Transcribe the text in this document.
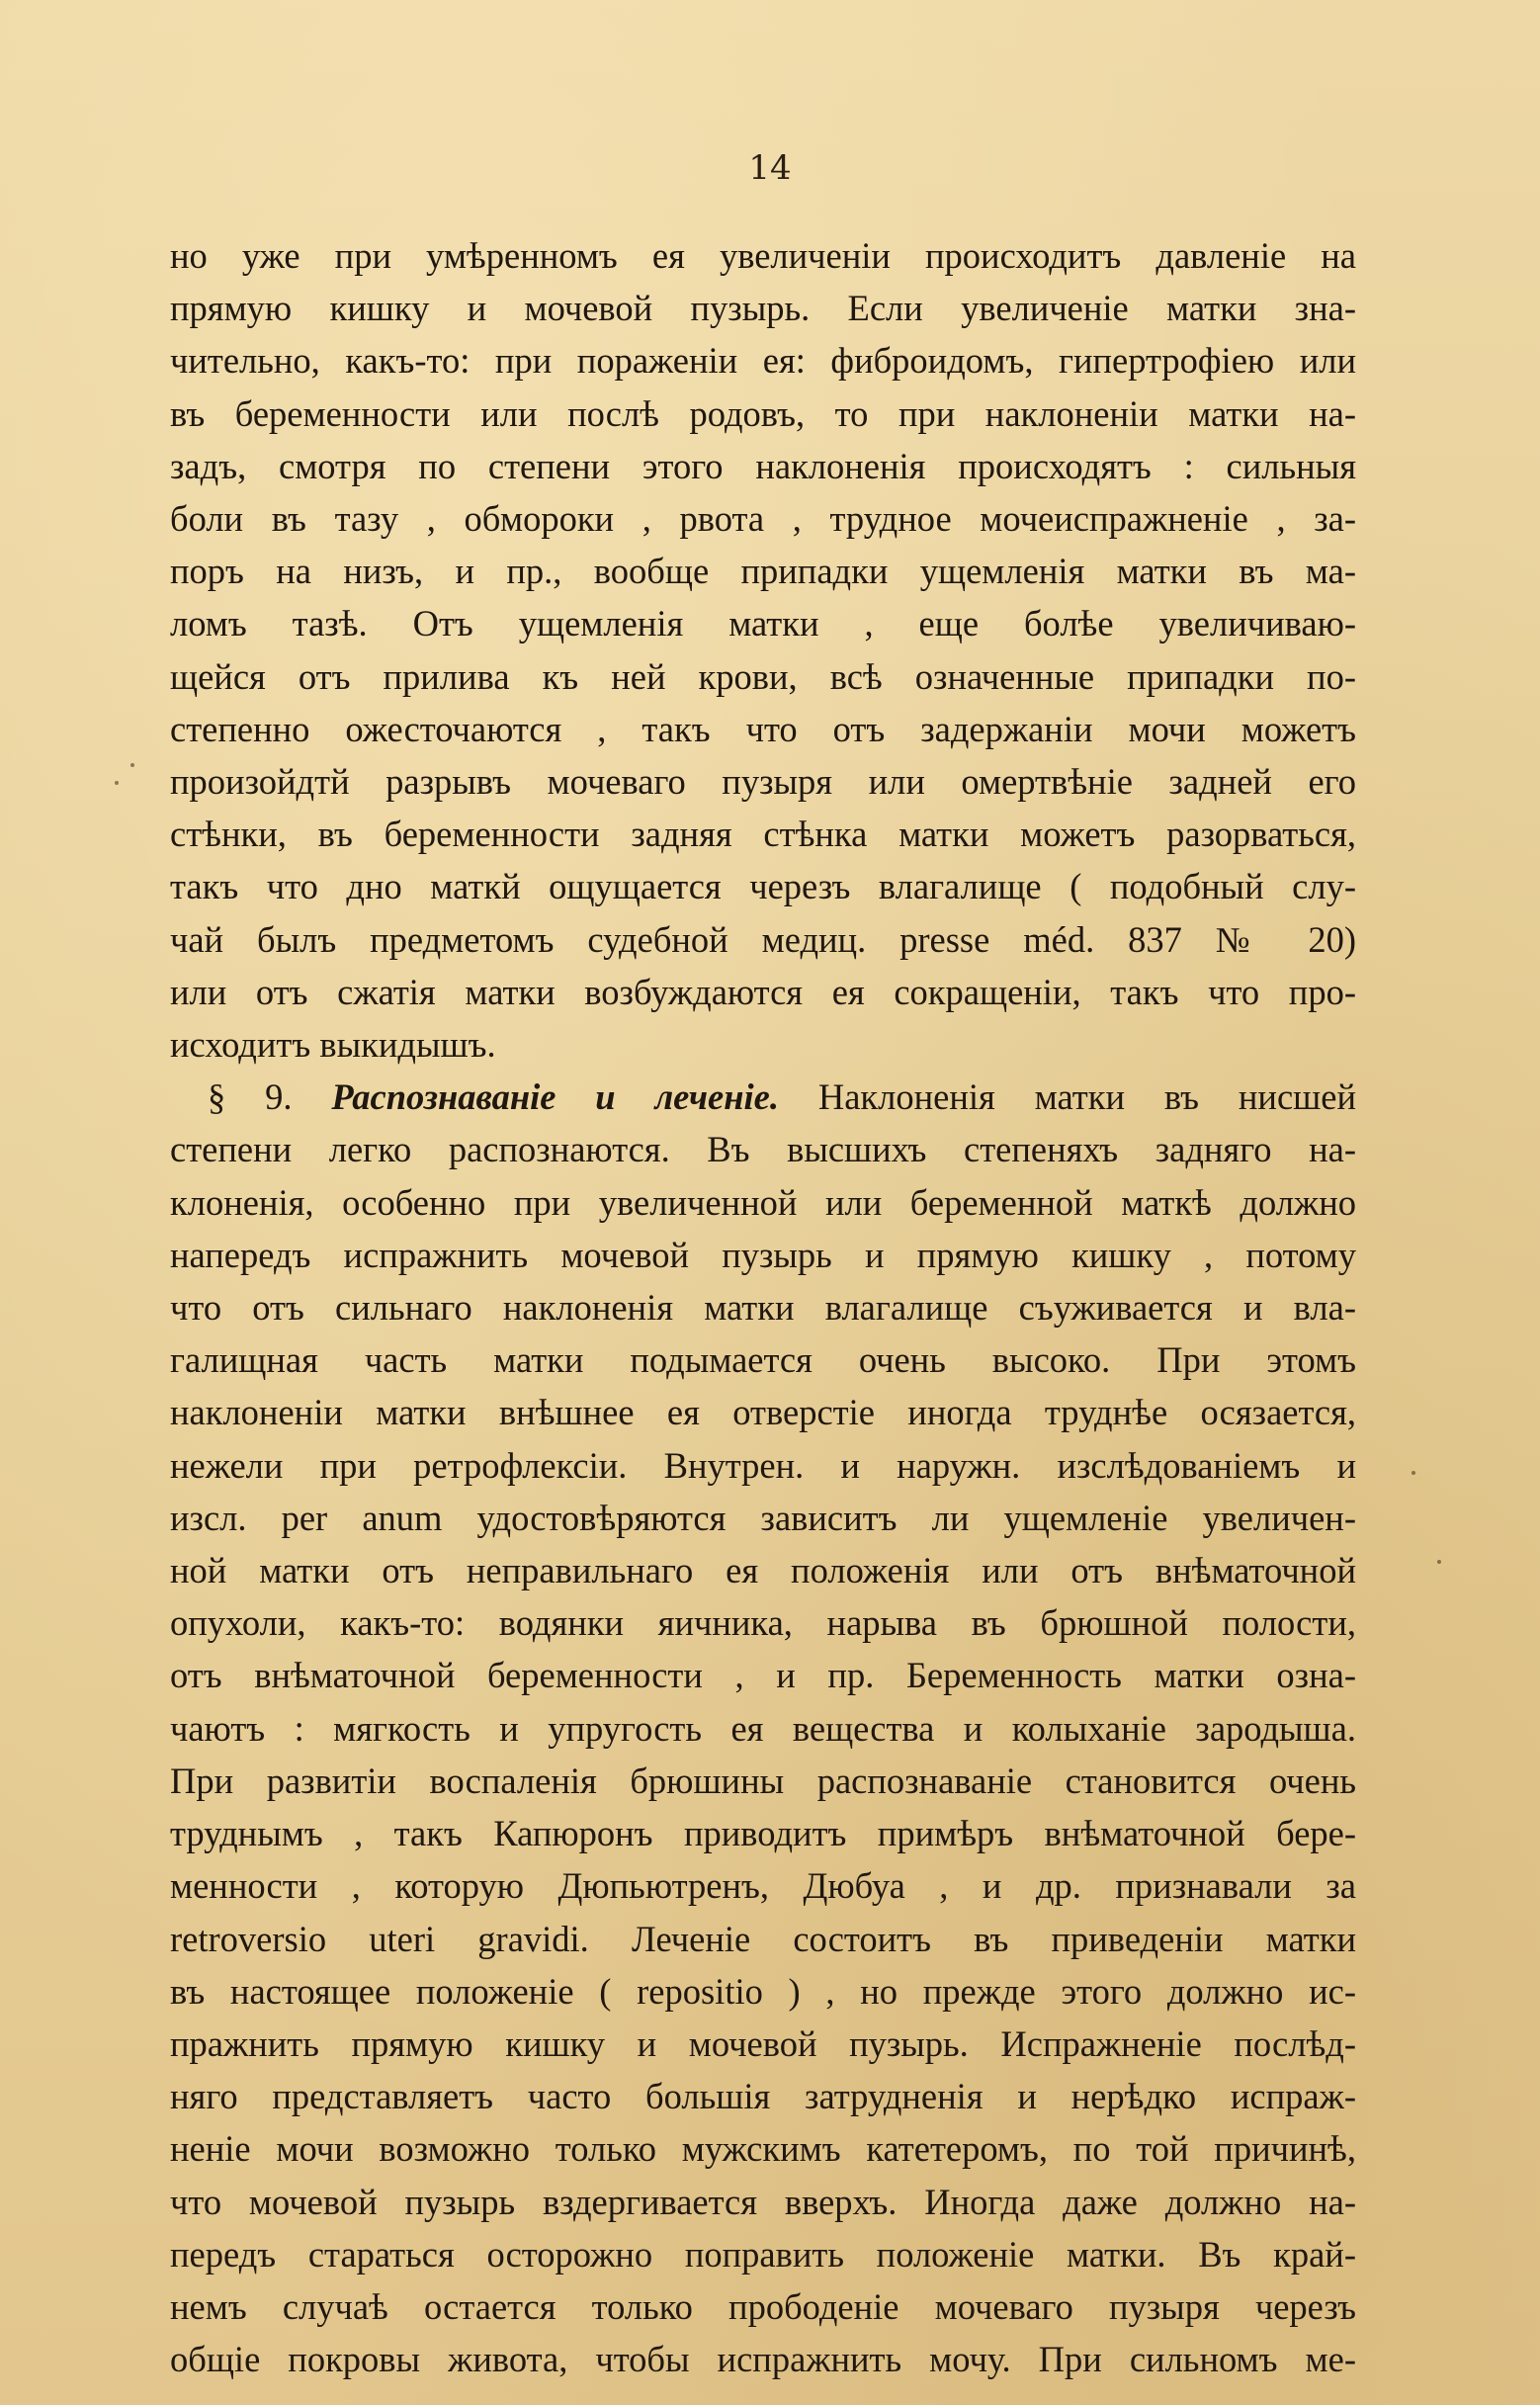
14
но уже при умѣренномъ ея увеличенiи происходитъ давленiе на
прямую кишку и мочевой пузырь. Если увеличенiе матки зна-
чительно, какъ-то: при пораженiи ея: фиброидомъ, гипертрофiею или
въ беременности или послѣ родовъ, то при наклоненiи матки на-
задъ, смотря по степени этого наклоненiя происходятъ : сильныя
боли въ тазу , обмороки , рвота , трудное мочеиспражненiе , за-
поръ на низъ, и пр., вообще припадки ущемленiя матки въ ма-
ломъ тазѣ. Отъ ущемленiя матки , еще болѣе увеличиваю-
щейся отъ прилива къ ней крови, всѣ означенные припадки по-
степенно ожесточаются , такъ что отъ задержанiи мочи можетъ
произойдтй разрывъ мочеваго пузыря или омертвѣнiе задней его
стѣнки, въ беременности задняя стѣнка матки можетъ разорваться,
такъ что дно маткй ощущается черезъ влагалище ( подобный слу-
чай былъ предметомъ судебной медиц. presse méd. 837 № 20)
или отъ сжатiя матки возбуждаются ея сокращенiи, такъ что про-
исходитъ выкидышъ.
§ 9. Распознаванiе и леченiе. Наклоненiя матки въ нисшей
степени легко распознаются. Въ высшихъ степеняхъ задняго на-
клоненiя, особенно при увеличенной или беременной маткѣ должно
напередъ испражнить мочевой пузырь и прямую кишку , потому
что отъ сильнаго наклоненiя матки влагалище съуживается и вла-
галищная часть матки подымается очень высоко. При этомъ
наклоненiи матки внѣшнее ея отверстiе иногда труднѣе осязается,
нежели при ретрофлексiи. Внутрен. и наружн. изслѣдованiемъ и
изсл. per anum удостовѣряются зависитъ ли ущемленiе увеличен-
ной матки отъ неправильнаго ея положенiя или отъ внѣматочной
опухоли, какъ-то: водянки яичника, нарыва въ брюшной полости,
отъ внѣматочной беременности , и пр. Беременность матки озна-
чаютъ : мягкость и упругость ея вещества и колыханiе зародыша.
При развитiи воспаленiя брюшины распознаванiе становится очень
труднымъ , такъ Капюронъ приводитъ примѣръ внѣматочной бере-
менности , которую Дюпьютренъ, Дюбуа , и др. признавали за
retroversio uteri gravidi. Леченiе состоитъ въ приведенiи матки
въ настоящее положенiе ( repositio ) , но прежде этого должно ис-
пражнить прямую кишку и мочевой пузырь. Испражненiе послѣд-
няго представляетъ часто большiя затрудненiя и нерѣдко испраж-
ненiе мочи возможно только мужскимъ катетеромъ, по той причинѣ,
что мочевой пузырь вздергивается вверхъ. Иногда даже должно на-
передъ стараться осторожно поправить положенiе матки. Въ край-
немъ случаѣ остается только прободенiе мочеваго пузыря черезъ
общiе покровы живота, чтобы испражнить мочу. При сильномъ ме-
